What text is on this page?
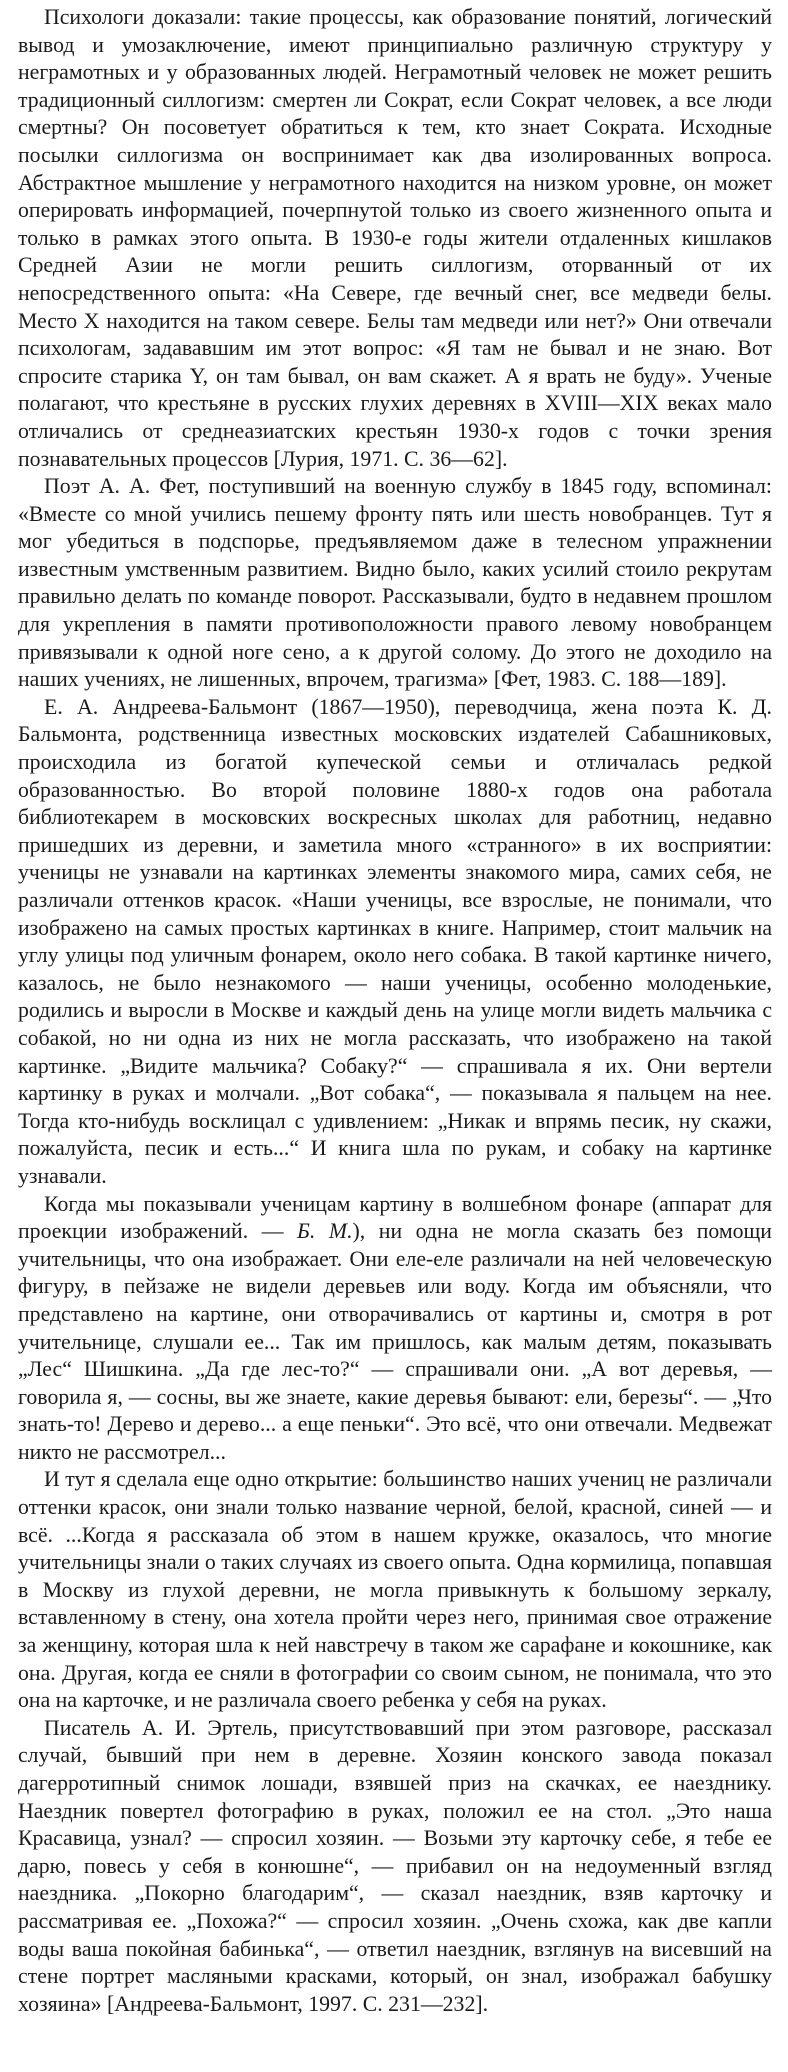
Психологи доказали: такие процессы, как образование понятий, логический вывод и умозаключение, имеют принципиально различную структуру у неграмотных и у образованных людей. Неграмотный человек не может решить традиционный силлогизм: смертен ли Сократ, если Сократ человек, а все люди смертны? Он посоветует обратиться к тем, кто знает Сократа. Исходные посылки силлогизма он воспринимает как два изолированных вопроса. Абстрактное мышление у неграмотного находится на низком уровне, он может оперировать информацией, почерпнутой только из своего жизненного опыта и только в рамках этого опыта. В 1930-е годы жители отдаленных кишлаков Средней Азии не могли решить силлогизм, оторванный от их непосредственного опыта: «На Севере, где вечный снег, все медведи белы. Место X находится на таком севере. Белы там медведи или нет?» Они отвечали психологам, задававшим им этот вопрос: «Я там не бывал и не знаю. Вот спросите старика Y, он там бывал, он вам скажет. А я врать не буду». Ученые полагают, что крестьяне в русских глухих деревнях в XVIII—XIX веках мало отличались от среднеазиатских крестьян 1930-х годов с точки зрения познавательных процессов [Лурия, 1971. С. 36—62].

Поэт А. А. Фет, поступивший на военную службу в 1845 году, вспоминал: «Вместе со мной учились пешему фронту пять или шесть новобранцев. Тут я мог убедиться в подспорье, предъявляемом даже в телесном упражнении известным умственным развитием. Видно было, каких усилий стоило рекрутам правильно делать по команде поворот. Рассказывали, будто в недавнем прошлом для укрепления в памяти противоположности правого левому новобранцем привязывали к одной ноге сено, а к другой солому. До этого не доходило на наших учениях, не лишенных, впрочем, трагизма» [Фет, 1983. С. 188—189].

Е. А. Андреева-Бальмонт (1867—1950), переводчица, жена поэта К. Д. Бальмонта, родственница известных московских издателей Сабашниковых, происходила из богатой купеческой семьи и отличалась редкой образованностью. Во второй половине 1880-х годов она работала библиотекарем в московских воскресных школах для работниц, недавно пришедших из деревни, и заметила много «странного» в их восприятии: ученицы не узнавали на картинках элементы знакомого мира, самих себя, не различали оттенков красок. «Наши ученицы, все взрослые, не понимали, что изображено на самых простых картинках в книге. Например, стоит мальчик на углу улицы под уличным фонарем, около него собака. В такой картинке ничего, казалось, не было незнакомого — наши ученицы, особенно молоденькие, родились и выросли в Москве и каждый день на улице могли видеть мальчика с собакой, но ни одна из них не могла рассказать, что изображено на такой картинке. „Видите мальчика? Собаку?“ — спрашивала я их. Они вертели картинку в руках и молчали. „Вот собака“, — показывала я пальцем на нее. Тогда кто-нибудь восклицал с удивлением: „Никак и впрямь песик, ну скажи, пожалуйста, песик и есть...“ И книга шла по рукам, и собаку на картинке узнавали.

Когда мы показывали ученицам картину в волшебном фонаре (аппарат для проекции изображений. — Б. М.), ни одна не могла сказать без помощи учительницы, что она изображает. Они еле-еле различали на ней человеческую фигуру, в пейзаже не видели деревьев или воду. Когда им объясняли, что представлено на картине, они отворачивались от картины и, смотря в рот учительнице, слушали ее... Так им пришлось, как малым детям, показывать „Лес“ Шишкина. „Да где лес-то?“ — спрашивали они. „А вот деревья, — говорила я, — сосны, вы же знаете, какие деревья бывают: ели, березы“. — „Что знать-то! Дерево и дерево... а еще пеньки“. Это всё, что они отвечали. Медвежат никто не рассмотрел...

И тут я сделала еще одно открытие: большинство наших учениц не различали оттенки красок, они знали только название черной, белой, красной, синей — и всё. ...Когда я рассказала об этом в нашем кружке, оказалось, что многие учительницы знали о таких случаях из своего опыта. Одна кормилица, попавшая в Москву из глухой деревни, не могла привыкнуть к большому зеркалу, вставленному в стену, она хотела пройти через него, принимая свое отражение за женщину, которая шла к ней навстречу в таком же сарафане и кокошнике, как она. Другая, когда ее сняли в фотографии со своим сыном, не понимала, что это она на карточке, и не различала своего ребенка у себя на руках.

Писатель А. И. Эртель, присутствовавший при этом разговоре, рассказал случай, бывший при нем в деревне. Хозяин конского завода показал дагерротипный снимок лошади, взявшей приз на скачках, ее наезднику. Наездник повертел фотографию в руках, положил ее на стол. „Это наша Красавица, узнал? — спросил хозяин. — Возьми эту карточку себе, я тебе ее дарю, повесь у себя в конюшне“, — прибавил он на недоуменный взгляд наездника. „Покорно благодарим“, — сказал наездник, взяв карточку и рассматривая ее. „Похожа?“ — спросил хозяин. „Очень схожа, как две капли воды ваша покойная бабинька“, — ответил наездник, взглянув на висевший на стене портрет масляными красками, который, он знал, изображал бабушку хозяина» [Андреева-Бальмонт, 1997. С. 231—232].
